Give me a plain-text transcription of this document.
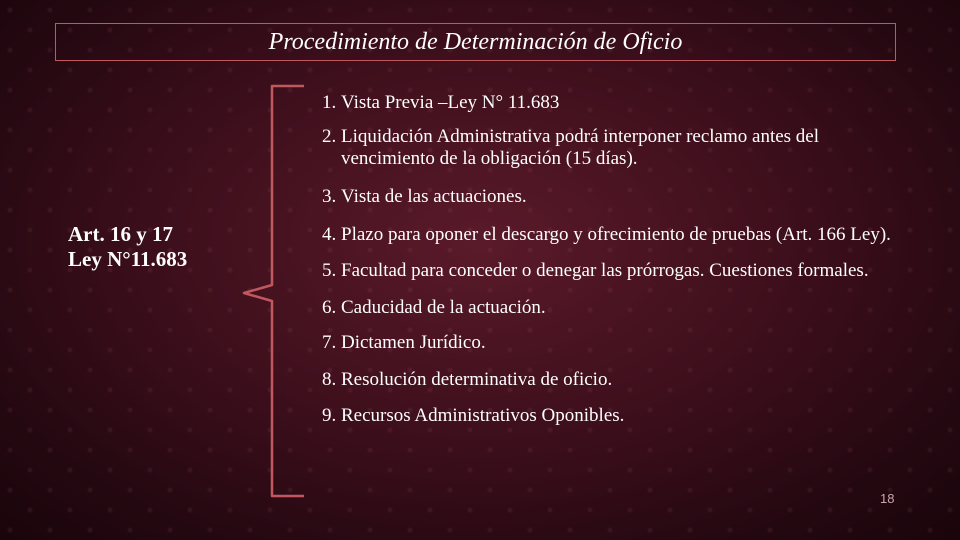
Procedimiento de Determinación de Oficio
Art. 16 y 17
Ley N°11.683
1. Vista Previa –Ley N° 11.683
2. Liquidación Administrativa podrá interponer reclamo antes del vencimiento de la obligación (15 días).
3. Vista de las actuaciones.
4. Plazo para oponer el descargo y ofrecimiento de pruebas (Art. 166 Ley).
5. Facultad para conceder o denegar las prórrogas. Cuestiones formales.
6. Caducidad de la actuación.
7. Dictamen Jurídico.
8. Resolución determinativa de oficio.
9. Recursos Administrativos Oponibles.
18
